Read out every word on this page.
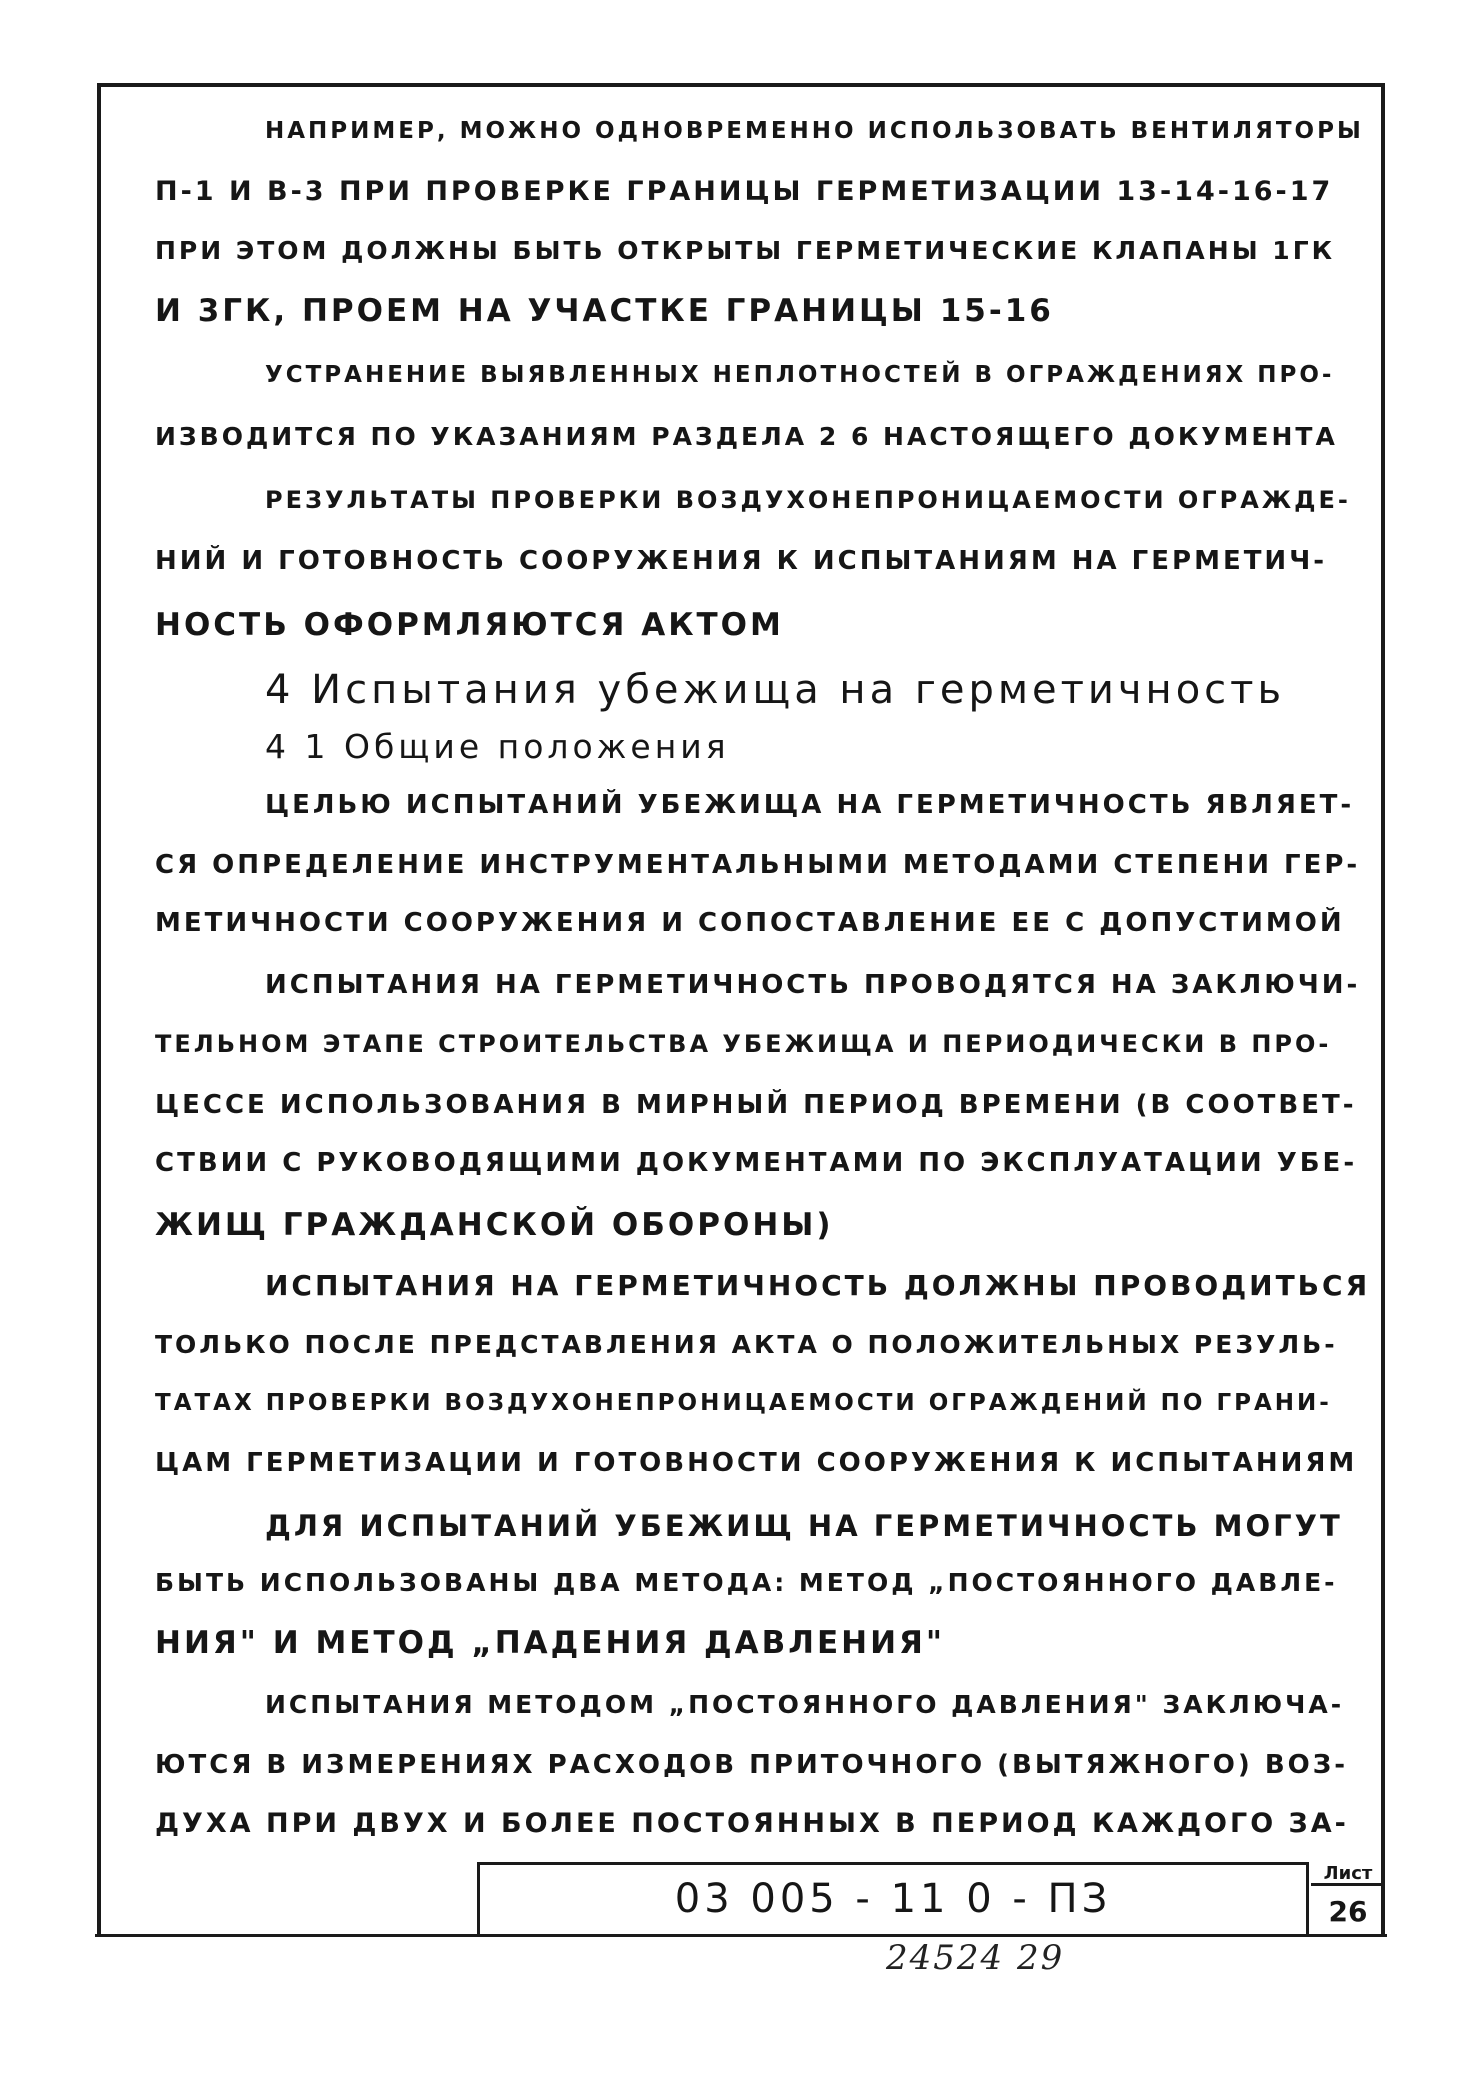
НАПРИМЕР, МОЖНО ОДНОВРЕМЕННО ИСПОЛЬЗОВАТЬ ВЕНТИЛЯТОРЫ
П-1 И В-3 ПРИ ПРОВЕРКЕ ГРАНИЦЫ ГЕРМЕТИЗАЦИИ 13-14-16-17
ПРИ ЭТОМ ДОЛЖНЫ БЫТЬ ОТКРЫТЫ ГЕРМЕТИЧЕСКИЕ КЛАПАНЫ 1ГК
И 3ГК, ПРОЕМ НА УЧАСТКЕ ГРАНИЦЫ 15-16
УСТРАНЕНИЕ ВЫЯВЛЕННЫХ НЕПЛОТНОСТЕЙ В ОГРАЖДЕНИЯХ ПРО-
ИЗВОДИТСЯ ПО УКАЗАНИЯМ РАЗДЕЛА 2 6 НАСТОЯЩЕГО ДОКУМЕНТА
РЕЗУЛЬТАТЫ ПРОВЕРКИ ВОЗДУХОНЕПРОНИЦАЕМОСТИ ОГРАЖДЕ-
НИЙ И ГОТОВНОСТЬ СООРУЖЕНИЯ К ИСПЫТАНИЯМ НА ГЕРМЕТИЧ-
НОСТЬ ОФОРМЛЯЮТСЯ АКТОМ
4 Испытания убежища на герметичность
4 1 Общие положения
ЦЕЛЬЮ ИСПЫТАНИЙ УБЕЖИЩА НА ГЕРМЕТИЧНОСТЬ ЯВЛЯЕТ-
СЯ ОПРЕДЕЛЕНИЕ ИНСТРУМЕНТАЛЬНЫМИ МЕТОДАМИ СТЕПЕНИ ГЕР-
МЕТИЧНОСТИ СООРУЖЕНИЯ И СОПОСТАВЛЕНИЕ ЕЕ С ДОПУСТИМОЙ
ИСПЫТАНИЯ НА ГЕРМЕТИЧНОСТЬ ПРОВОДЯТСЯ НА ЗАКЛЮЧИ-
ТЕЛЬНОМ ЭТАПЕ СТРОИТЕЛЬСТВА УБЕЖИЩА И ПЕРИОДИЧЕСКИ В ПРО-
ЦЕССЕ ИСПОЛЬЗОВАНИЯ В МИРНЫЙ ПЕРИОД ВРЕМЕНИ (В СООТВЕТ-
СТВИИ С РУКОВОДЯЩИМИ ДОКУМЕНТАМИ ПО ЭКСПЛУАТАЦИИ УБЕ-
ЖИЩ ГРАЖДАНСКОЙ ОБОРОНЫ)
ИСПЫТАНИЯ НА ГЕРМЕТИЧНОСТЬ ДОЛЖНЫ ПРОВОДИТЬСЯ
ТОЛЬКО ПОСЛЕ ПРЕДСТАВЛЕНИЯ АКТА О ПОЛОЖИТЕЛЬНЫХ РЕЗУЛЬ-
ТАТАХ ПРОВЕРКИ ВОЗДУХОНЕПРОНИЦАЕМОСТИ ОГРАЖДЕНИЙ ПО ГРАНИ-
ЦАМ ГЕРМЕТИЗАЦИИ И ГОТОВНОСТИ СООРУЖЕНИЯ К ИСПЫТАНИЯМ
ДЛЯ ИСПЫТАНИЙ УБЕЖИЩ НА ГЕРМЕТИЧНОСТЬ МОГУТ
БЫТЬ ИСПОЛЬЗОВАНЫ ДВА МЕТОДА: МЕТОД „ПОСТОЯННОГО ДАВЛЕ-
НИЯ" И МЕТОД „ПАДЕНИЯ ДАВЛЕНИЯ"
ИСПЫТАНИЯ МЕТОДОМ „ПОСТОЯННОГО ДАВЛЕНИЯ" ЗАКЛЮЧА-
ЮТСЯ В ИЗМЕРЕНИЯХ РАСХОДОВ ПРИТОЧНОГО (ВЫТЯЖНОГО) ВОЗ-
ДУХА ПРИ ДВУХ И БОЛЕЕ ПОСТОЯННЫХ В ПЕРИОД КАЖДОГО ЗА-
03 005 - 11 0 - ПЗ
Лист
26
24524 29
